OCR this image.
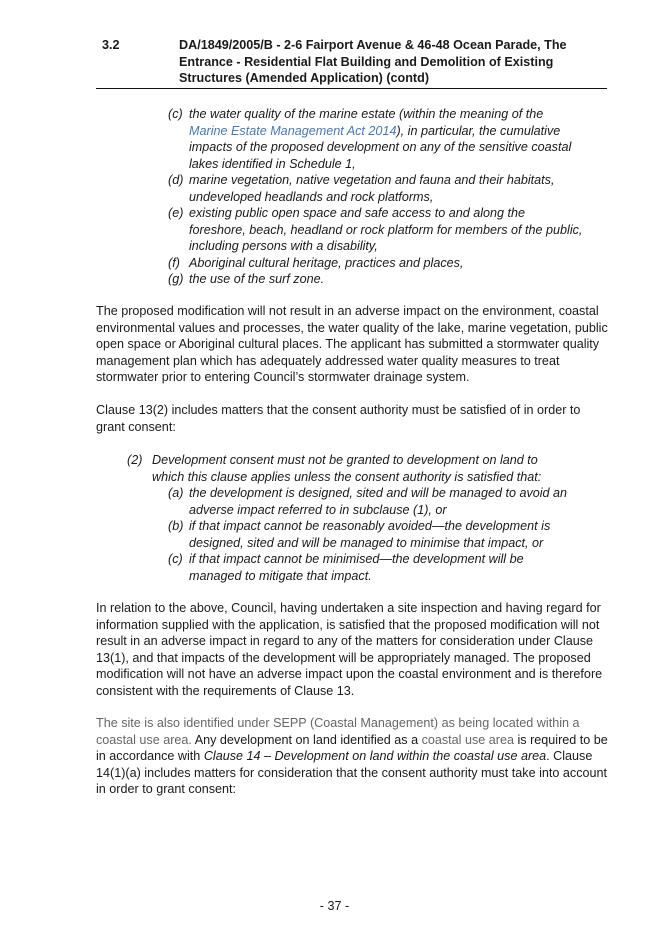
3.2	DA/1849/2005/B - 2-6 Fairport Avenue & 46-48 Ocean Parade, The Entrance - Residential Flat Building and Demolition of Existing Structures (Amended Application) (contd)
(c) the water quality of the marine estate (within the meaning of the Marine Estate Management Act 2014), in particular, the cumulative impacts of the proposed development on any of the sensitive coastal lakes identified in Schedule 1,
(d) marine vegetation, native vegetation and fauna and their habitats, undeveloped headlands and rock platforms,
(e) existing public open space and safe access to and along the foreshore, beach, headland or rock platform for members of the public, including persons with a disability,
(f) Aboriginal cultural heritage, practices and places,
(g) the use of the surf zone.

The proposed modification will not result in an adverse impact on the environment, coastal environmental values and processes, the water quality of the lake, marine vegetation, public open space or Aboriginal cultural places. The applicant has submitted a stormwater quality management plan which has adequately addressed water quality measures to treat stormwater prior to entering Council’s stormwater drainage system.

Clause 13(2) includes matters that the consent authority must be satisfied of in order to grant consent:

(2) Development consent must not be granted to development on land to which this clause applies unless the consent authority is satisfied that:
(a) the development is designed, sited and will be managed to avoid an adverse impact referred to in subclause (1), or
(b) if that impact cannot be reasonably avoided—the development is designed, sited and will be managed to minimise that impact, or
(c) if that impact cannot be minimised—the development will be managed to mitigate that impact.

In relation to the above, Council, having undertaken a site inspection and having regard for information supplied with the application, is satisfied that the proposed modification will not result in an adverse impact in regard to any of the matters for consideration under Clause 13(1), and that impacts of the development will be appropriately managed. The proposed modification will not have an adverse impact upon the coastal environment and is therefore consistent with the requirements of Clause 13.

The site is also identified under SEPP (Coastal Management) as being located within a coastal use area. Any development on land identified as a coastal use area is required to be in accordance with Clause 14 – Development on land within the coastal use area. Clause 14(1)(a) includes matters for consideration that the consent authority must take into account in order to grant consent:

- 37 -
